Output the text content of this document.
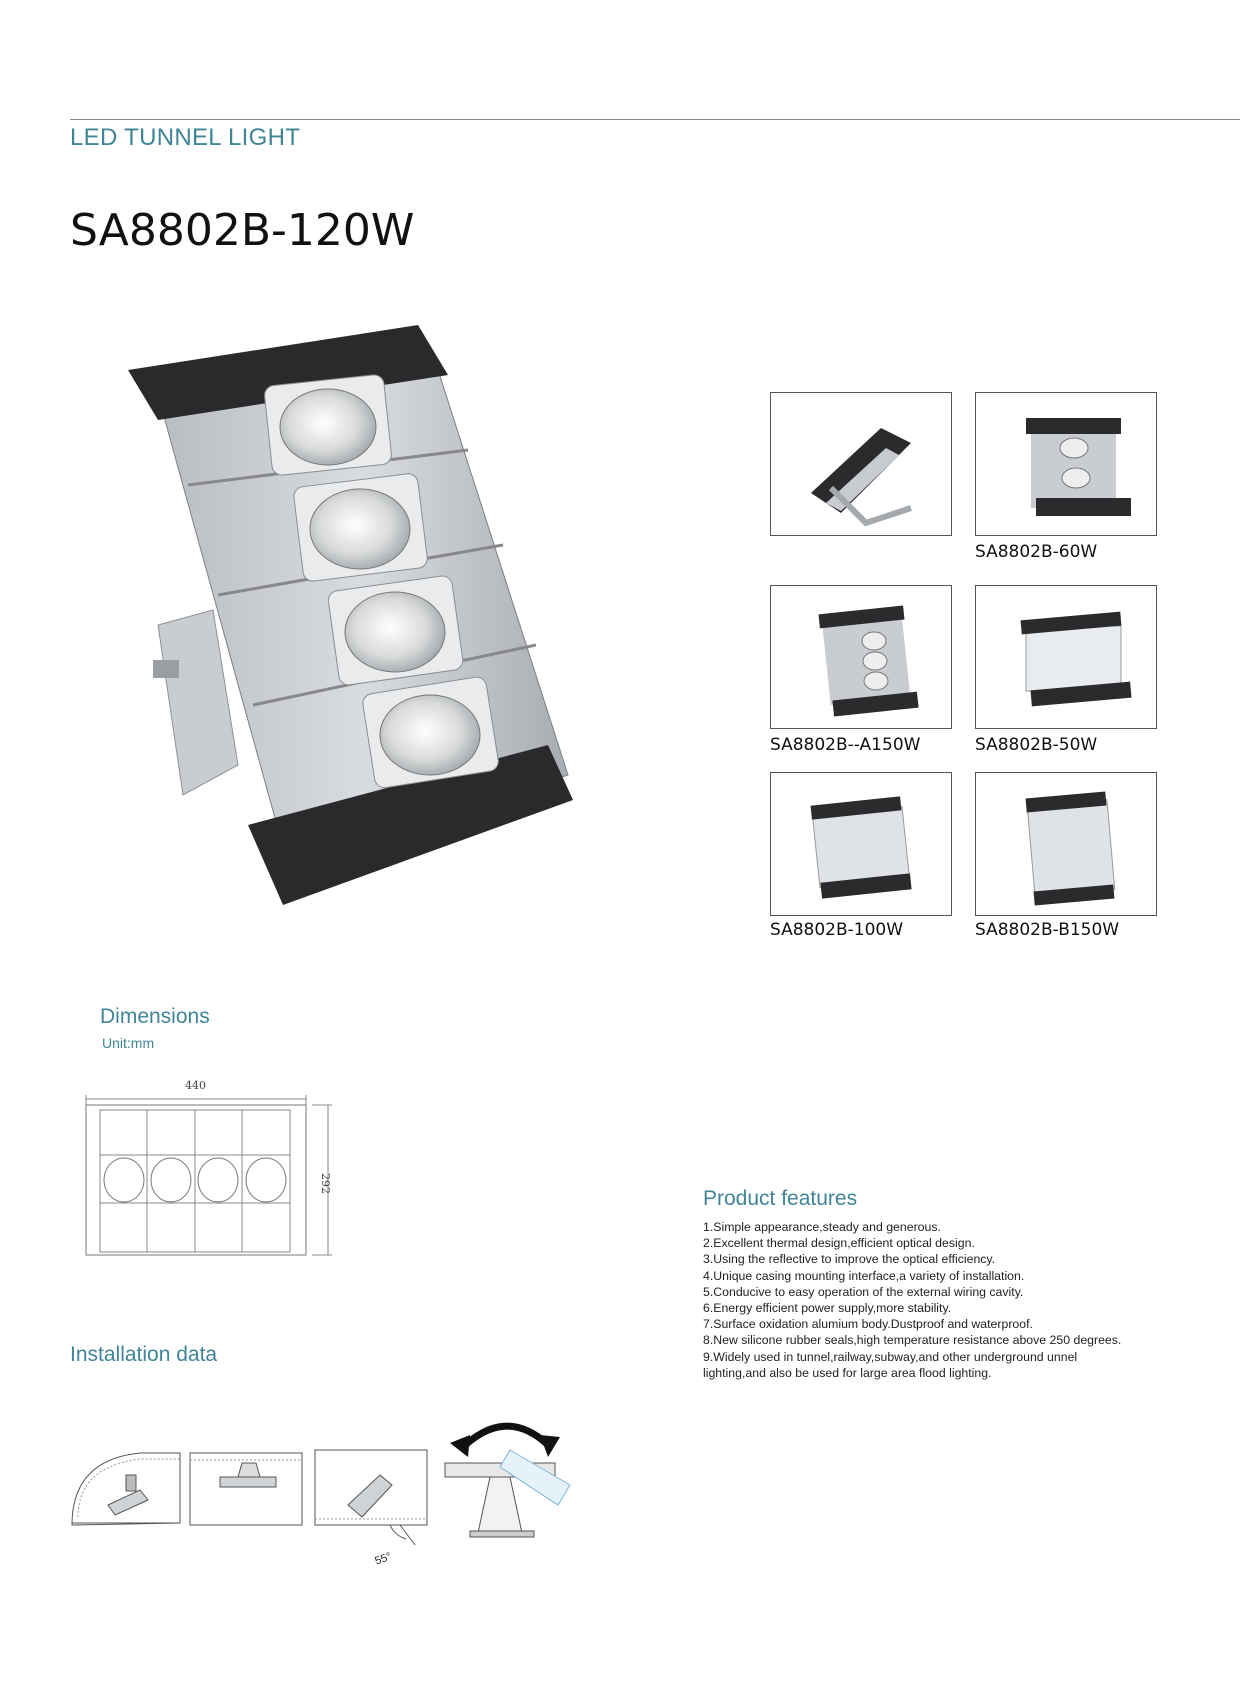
LED TUNNEL LIGHT
SA8802B-120W
SA8802B-60W
SA8802B--A150W	SA8802B-50W
SA8802B-100W	SA8802B-B150W
Dimensions
Unit:mm
440
292
Product features
1.Simple appearance,steady and generous.
2.Excellent thermal design,efficient optical design.
3.Using the reflective to improve the optical efficiency.
4.Unique casing mounting interface,a variety of installation.
5.Conducive to easy operation of the external wiring cavity.
6.Energy efficient power supply,more stability.
7.Surface oxidation alumium body.Dustproof and waterproof.
8.New silicone rubber seals,high temperature resistance above 250 degrees.
9.Widely used in tunnel,railway,subway,and other underground unnel lighting,and also be used for large area flood lighting.
Installation data
55°
